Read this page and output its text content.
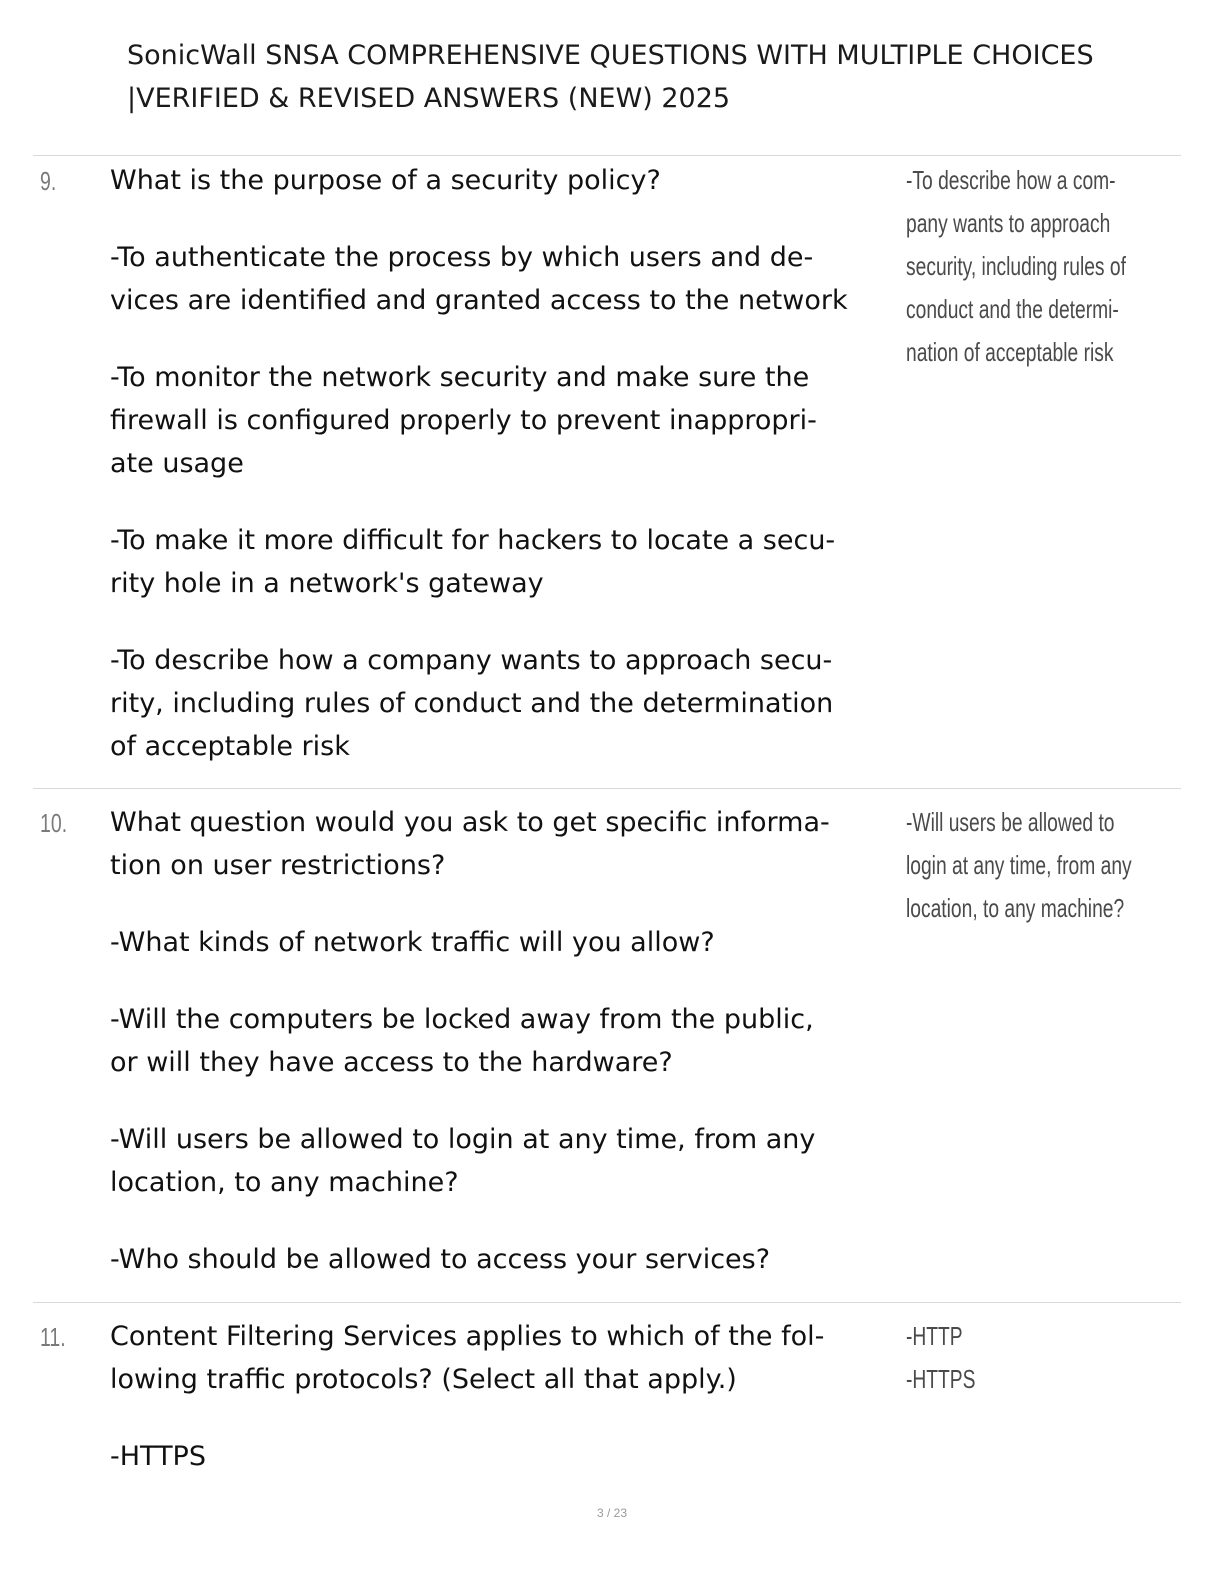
SonicWall SNSA COMPREHENSIVE QUESTIONS WITH MULTIPLE CHOICES
|VERIFIED & REVISED ANSWERS (NEW) 2025
9. What is the purpose of a security policy?
-To authenticate the process by which users and de-
vices are identified and granted access to the network
-To monitor the network security and make sure the
firewall is configured properly to prevent inappropri-
ate usage
-To make it more difficult for hackers to locate a secu-
rity hole in a network's gateway
-To describe how a company wants to approach secu-
rity, including rules of conduct and the determination
of acceptable risk
-To describe how a com-
pany wants to approach
security, including rules of
conduct and the determi-
nation of acceptable risk
10. What question would you ask to get specific informa-
tion on user restrictions?
-What kinds of network traffic will you allow?
-Will the computers be locked away from the public,
or will they have access to the hardware?
-Will users be allowed to login at any time, from any
location, to any machine?
-Who should be allowed to access your services?
-Will users be allowed to
login at any time, from any
location, to any machine?
11. Content Filtering Services applies to which of the fol-
lowing traffic protocols? (Select all that apply.)
-HTTPS
-HTTP
-HTTPS
3 / 23
